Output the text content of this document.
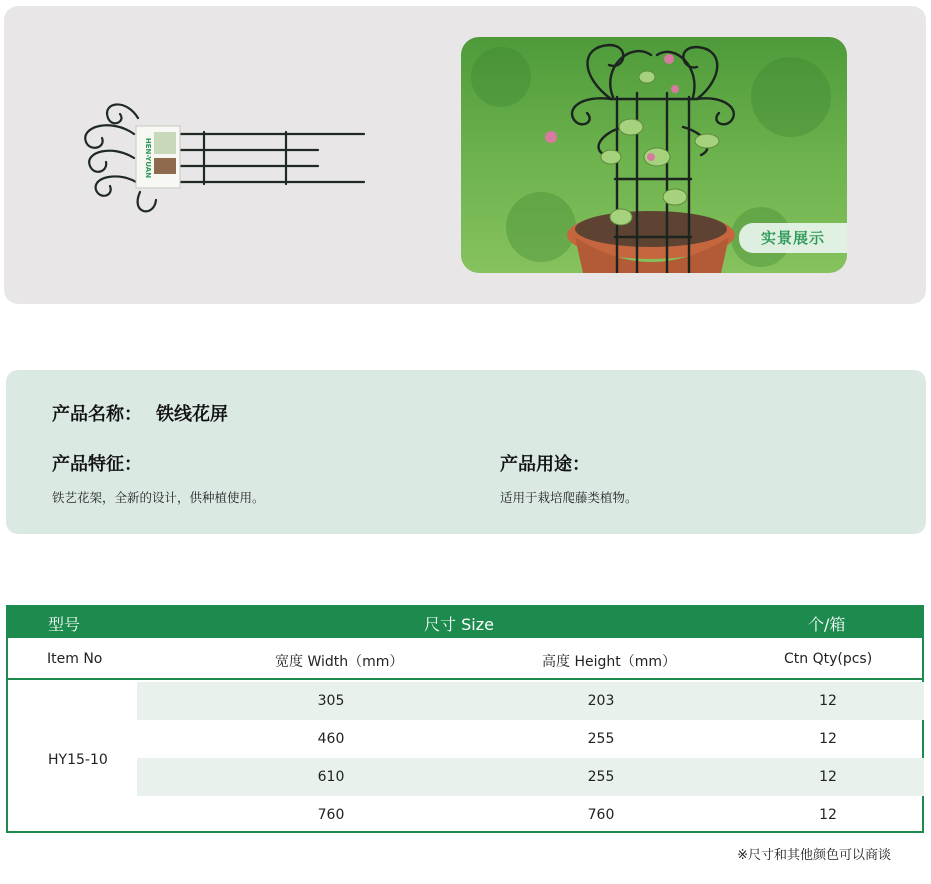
HEN-YUAN
实景展示
产品名称： 铁线花屏
产品特征：

铁艺花架，全新的设计，供种植使用。

产品用途：

适用于栽培爬藤类植物。

型号	尺寸 Size	个/箱
Item No	宽度 Width（mm）	高度 Height（mm）	Ctn Qty(pcs)
HY15-10
305	203	12
460	255	12
610	255	12
760	760	12
※尺寸和其他颜色可以商谈
